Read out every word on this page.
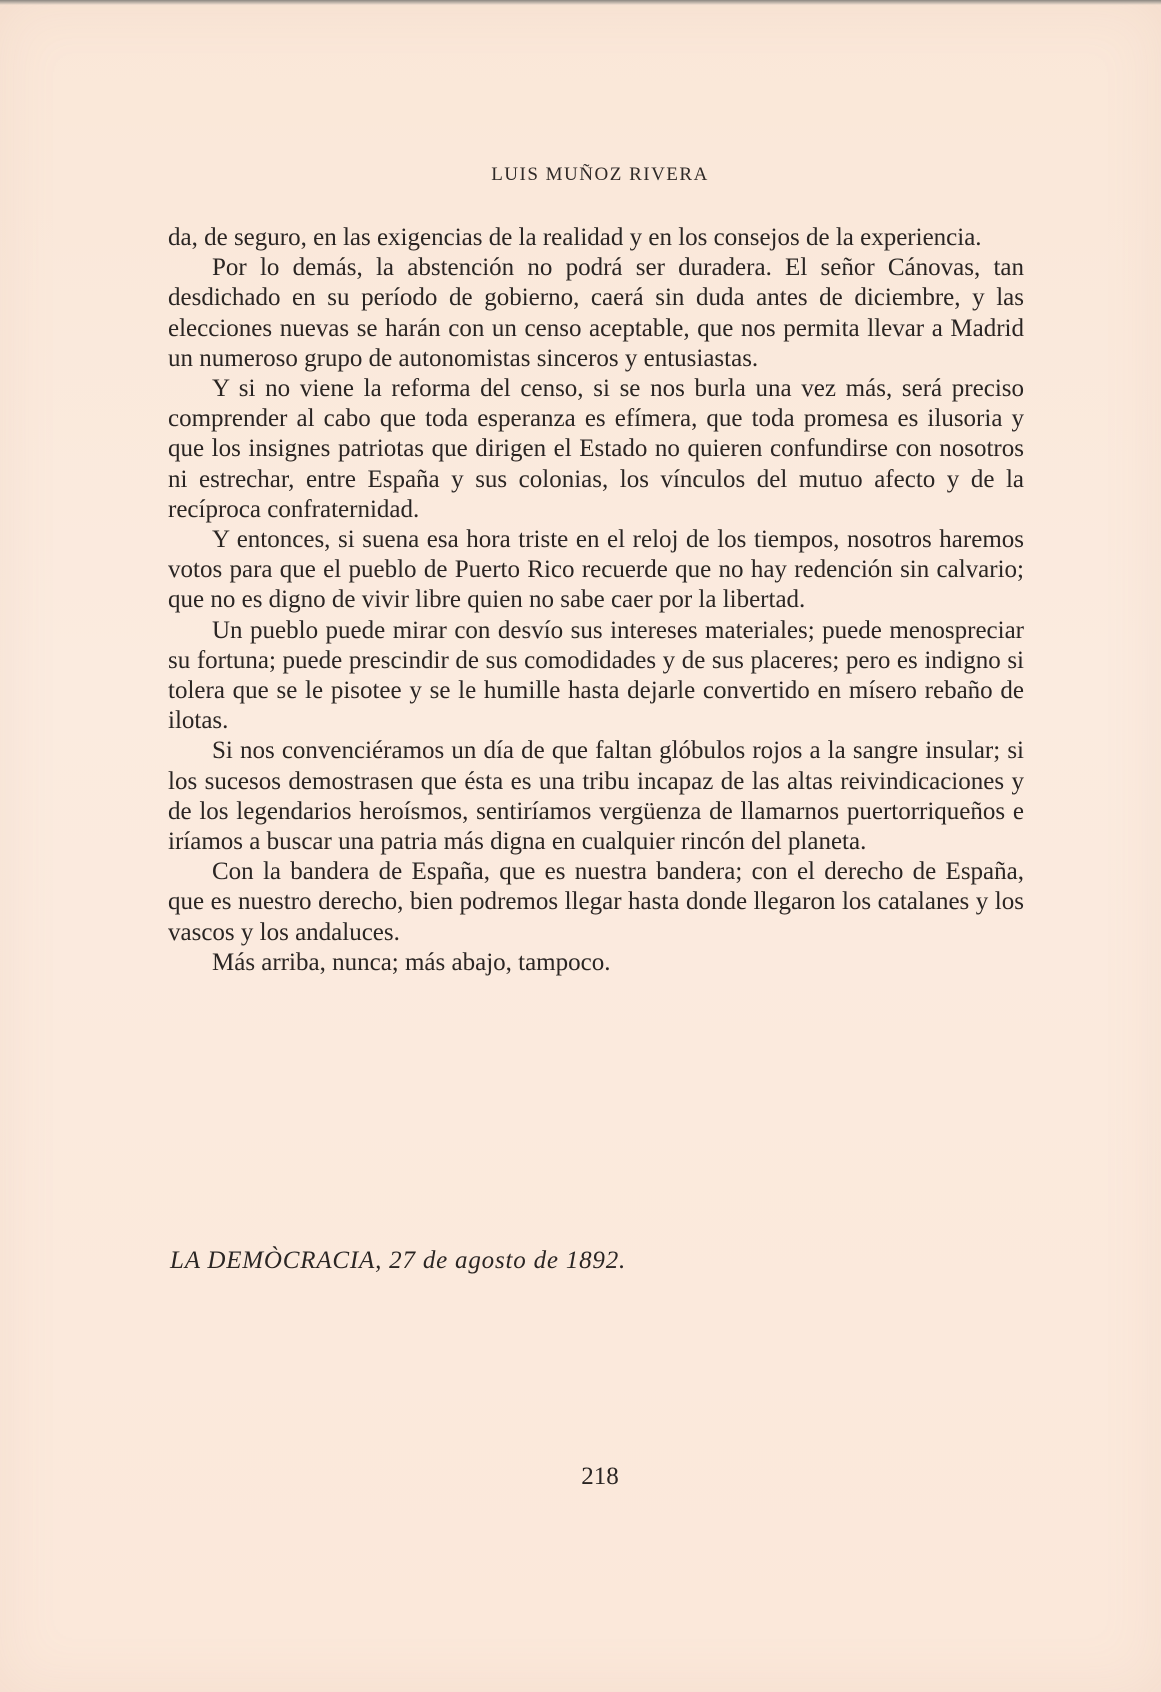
LUIS MUÑOZ RIVERA

da, de seguro, en las exigencias de la realidad y en los consejos de la experiencia.

Por lo demás, la abstención no podrá ser duradera. El señor Cánovas, tan desdichado en su período de gobierno, caerá sin duda antes de diciembre, y las elecciones nuevas se harán con un censo aceptable, que nos permita llevar a Madrid un numeroso grupo de autonomistas sinceros y entusiastas.

Y si no viene la reforma del censo, si se nos burla una vez más, será preciso comprender al cabo que toda esperanza es efímera, que toda promesa es ilusoria y que los insignes patriotas que dirigen el Estado no quieren confundirse con nosotros ni estrechar, entre España y sus colonias, los vínculos del mutuo afecto y de la recíproca confraternidad.

Y entonces, si suena esa hora triste en el reloj de los tiempos, nosotros haremos votos para que el pueblo de Puerto Rico recuerde que no hay redención sin calvario; que no es digno de vivir libre quien no sabe caer por la libertad.

Un pueblo puede mirar con desvío sus intereses materiales; puede menospreciar su fortuna; puede prescindir de sus comodidades y de sus placeres; pero es indigno si tolera que se le pisotee y se le humille hasta dejarle convertido en mísero rebaño de ilotas.

Si nos convenciéramos un día de que faltan glóbulos rojos a la sangre insular; si los sucesos demostrasen que ésta es una tribu incapaz de las altas reivindicaciones y de los legendarios heroísmos, sentiríamos vergüenza de llamarnos puertorriqueños e iríamos a buscar una patria más digna en cualquier rincón del planeta.

Con la bandera de España, que es nuestra bandera; con el derecho de España, que es nuestro derecho, bien podremos llegar hasta donde llegaron los catalanes y los vascos y los andaluces.

Más arriba, nunca; más abajo, tampoco.

LA DEMÒCRACIA, 27 de agosto de 1892.
218
